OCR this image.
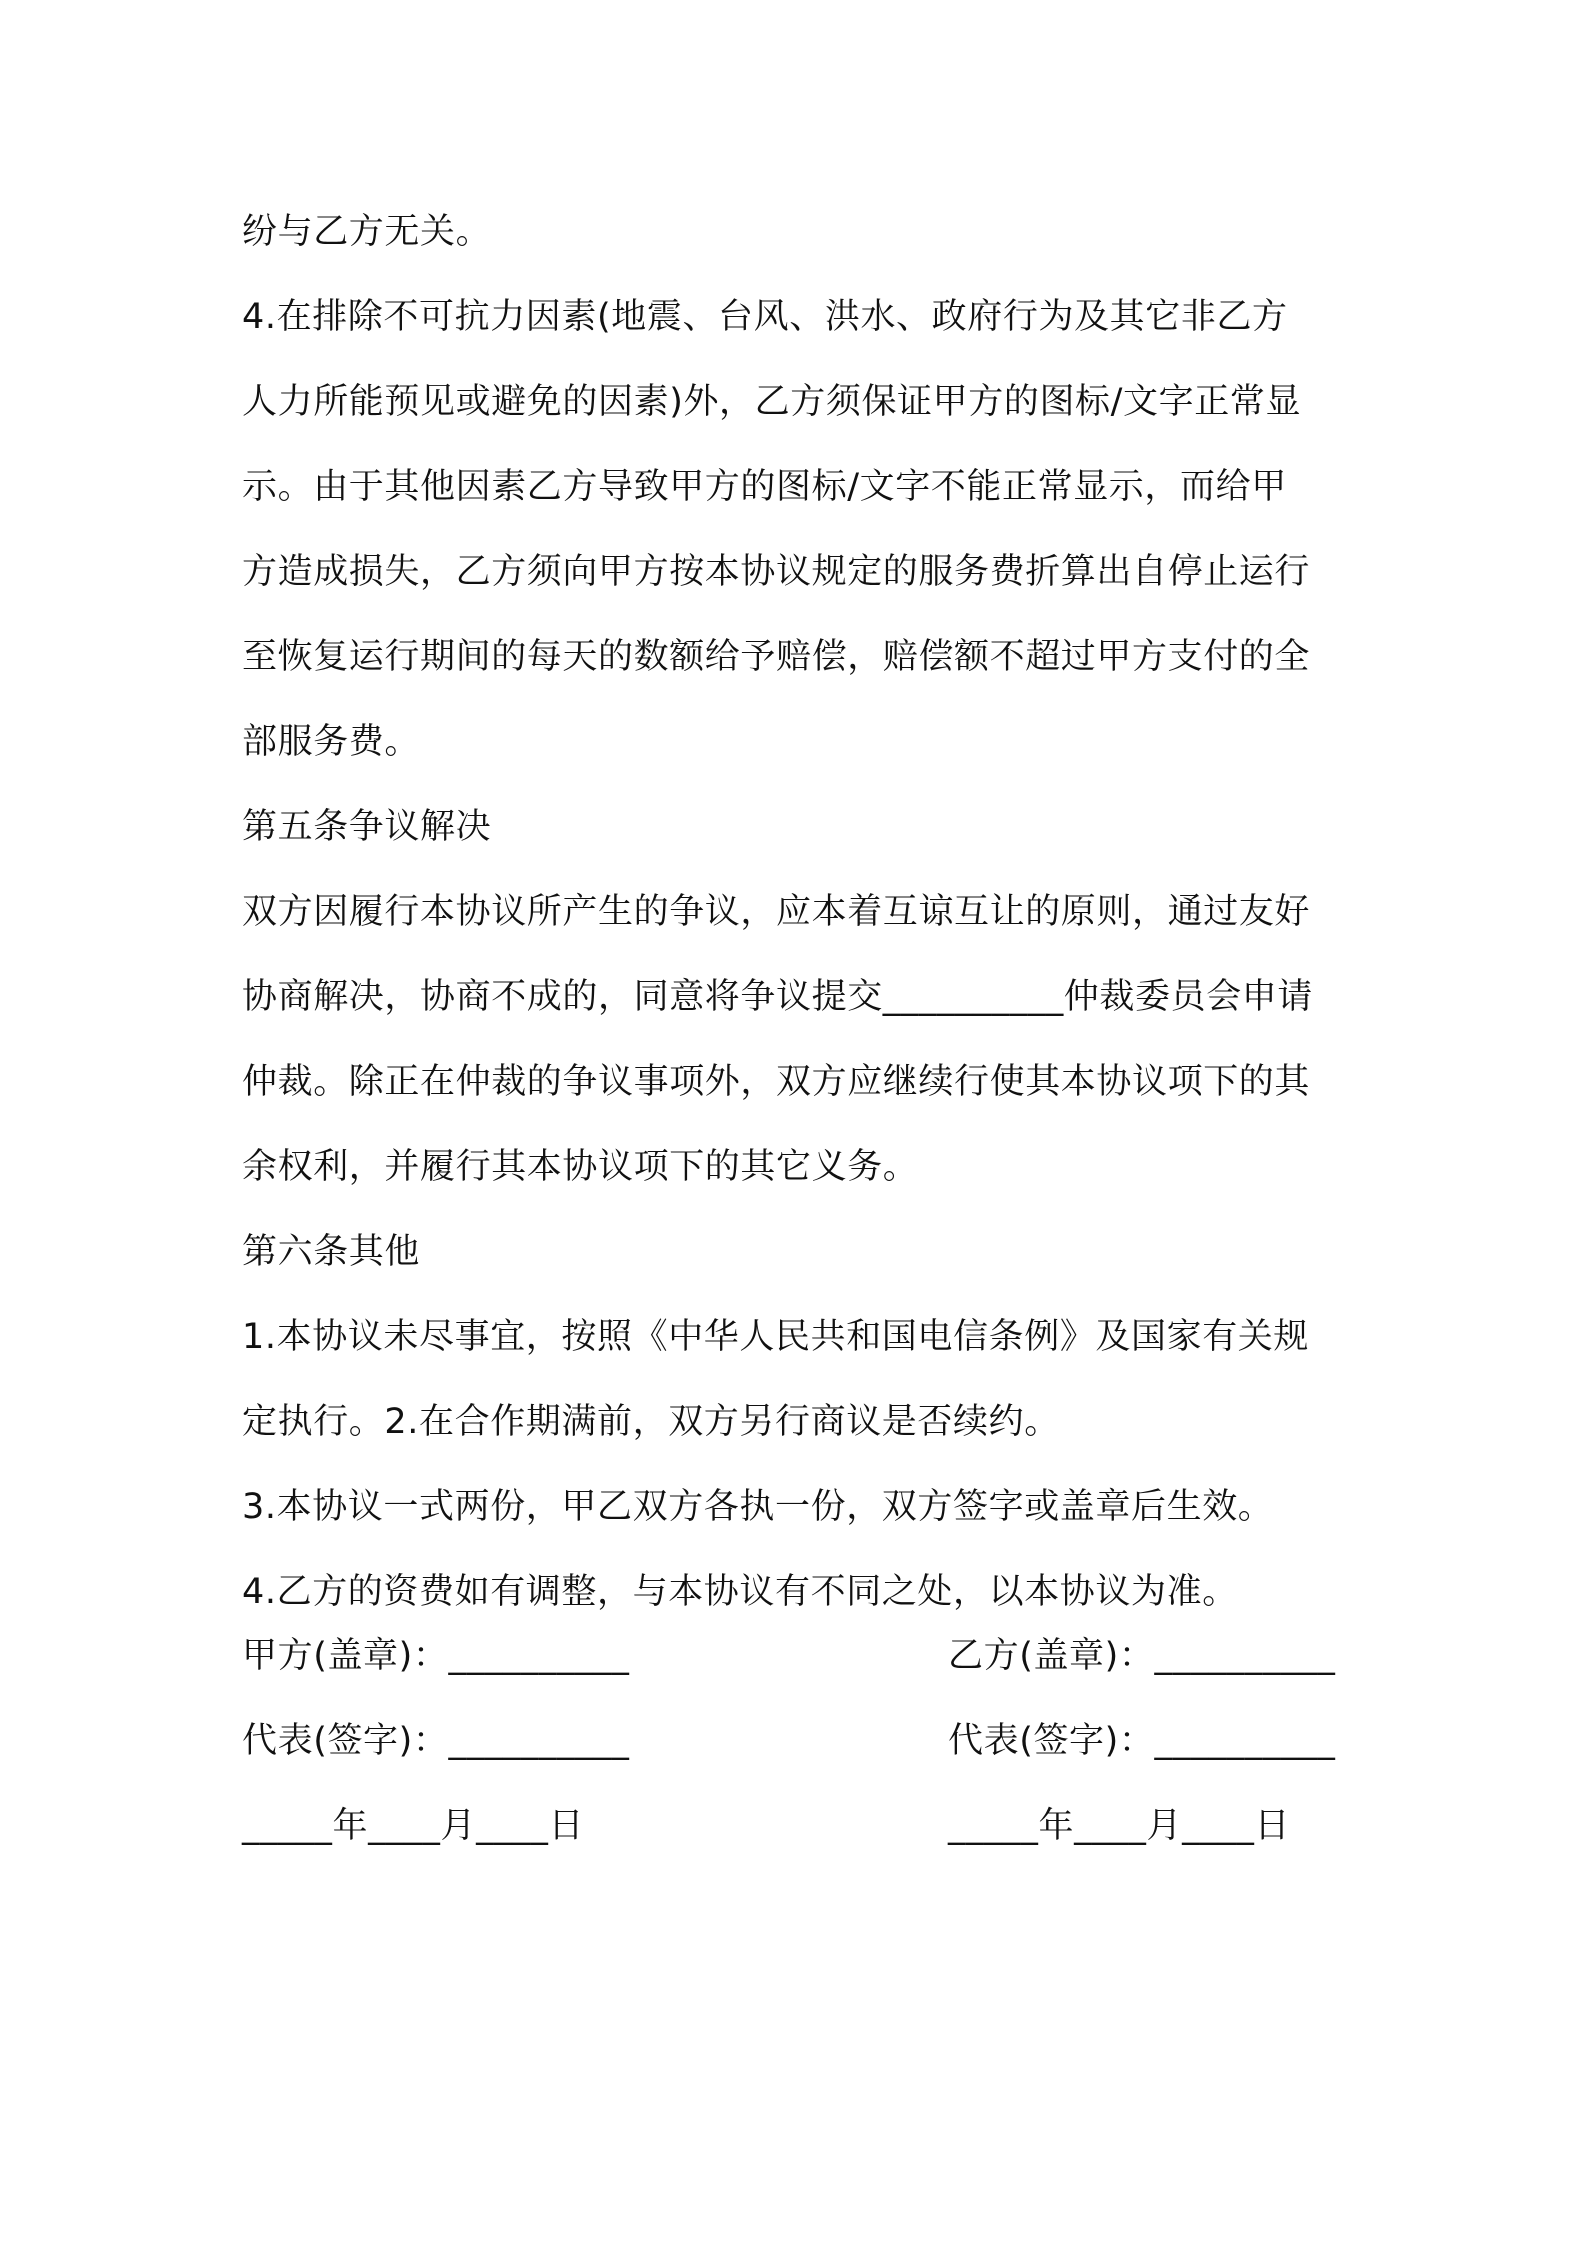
纷与乙方无关。
4.在排除不可抗力因素(地震、台风、洪水、政府行为及其它非乙方
人力所能预见或避免的因素)外，乙方须保证甲方的图标/文字正常显
示。由于其他因素乙方导致甲方的图标/文字不能正常显示，而给甲
方造成损失，乙方须向甲方按本协议规定的服务费折算出自停止运行
至恢复运行期间的每天的数额给予赔偿，赔偿额不超过甲方支付的全
部服务费。
第五条争议解决
双方因履行本协议所产生的争议，应本着互谅互让的原则，通过友好
协商解决，协商不成的，同意将争议提交__________仲裁委员会申请
仲裁。除正在仲裁的争议事项外，双方应继续行使其本协议项下的其
余权利，并履行其本协议项下的其它义务。
第六条其他
1.本协议未尽事宜，按照《中华人民共和国电信条例》及国家有关规
定执行。2.在合作期满前，双方另行商议是否续约。
3.本协议一式两份，甲乙双方各执一份，双方签字或盖章后生效。
4.乙方的资费如有调整，与本协议有不同之处，以本协议为准。
甲方(盖章)：__________	乙方(盖章)：__________
代表(签字)：__________	代表(签字)：__________
_____年____月____日	_____年____月____日
